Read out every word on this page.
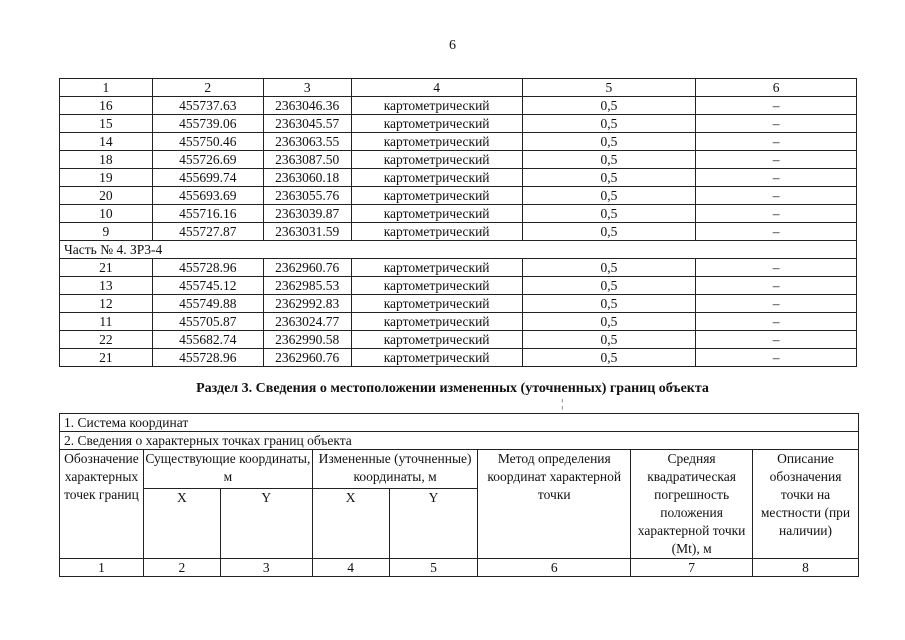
6
1	2	3	4	5	6
16	455737.63	2363046.36	картометрический	0,5	–
15	455739.06	2363045.57	картометрический	0,5	–
14	455750.46	2363063.55	картометрический	0,5	–
18	455726.69	2363087.50	картометрический	0,5	–
19	455699.74	2363060.18	картометрический	0,5	–
20	455693.69	2363055.76	картометрический	0,5	–
10	455716.16	2363039.87	картометрический	0,5	–
9	455727.87	2363031.59	картометрический	0,5	–
Часть № 4. ЗР3-4					
21	455728.96	2362960.76	картометрический	0,5	–
13	455745.12	2362985.53	картометрический	0,5	–
12	455749.88	2362992.83	картометрический	0,5	–
11	455705.87	2363024.77	картометрический	0,5	–
22	455682.74	2362990.58	картометрический	0,5	–
21	455728.96	2362960.76	картометрический	0,5	–
Раздел 3. Сведения о местоположении измененных (уточненных) границ объекта
¦
1. Система координат							
2. Сведения о характерных точках границ объекта							
Обозначение характерных точек границ	Существующие координаты, м		Измененные (уточненные) координаты, м		Метод определения координат характерной точки	Средняя квадратическая погрешность положения характерной точки (Mt), м	Описание обозначения точки на местности (при наличии)
	X	Y	X	Y			
1	2	3	4	5	6	7	8
